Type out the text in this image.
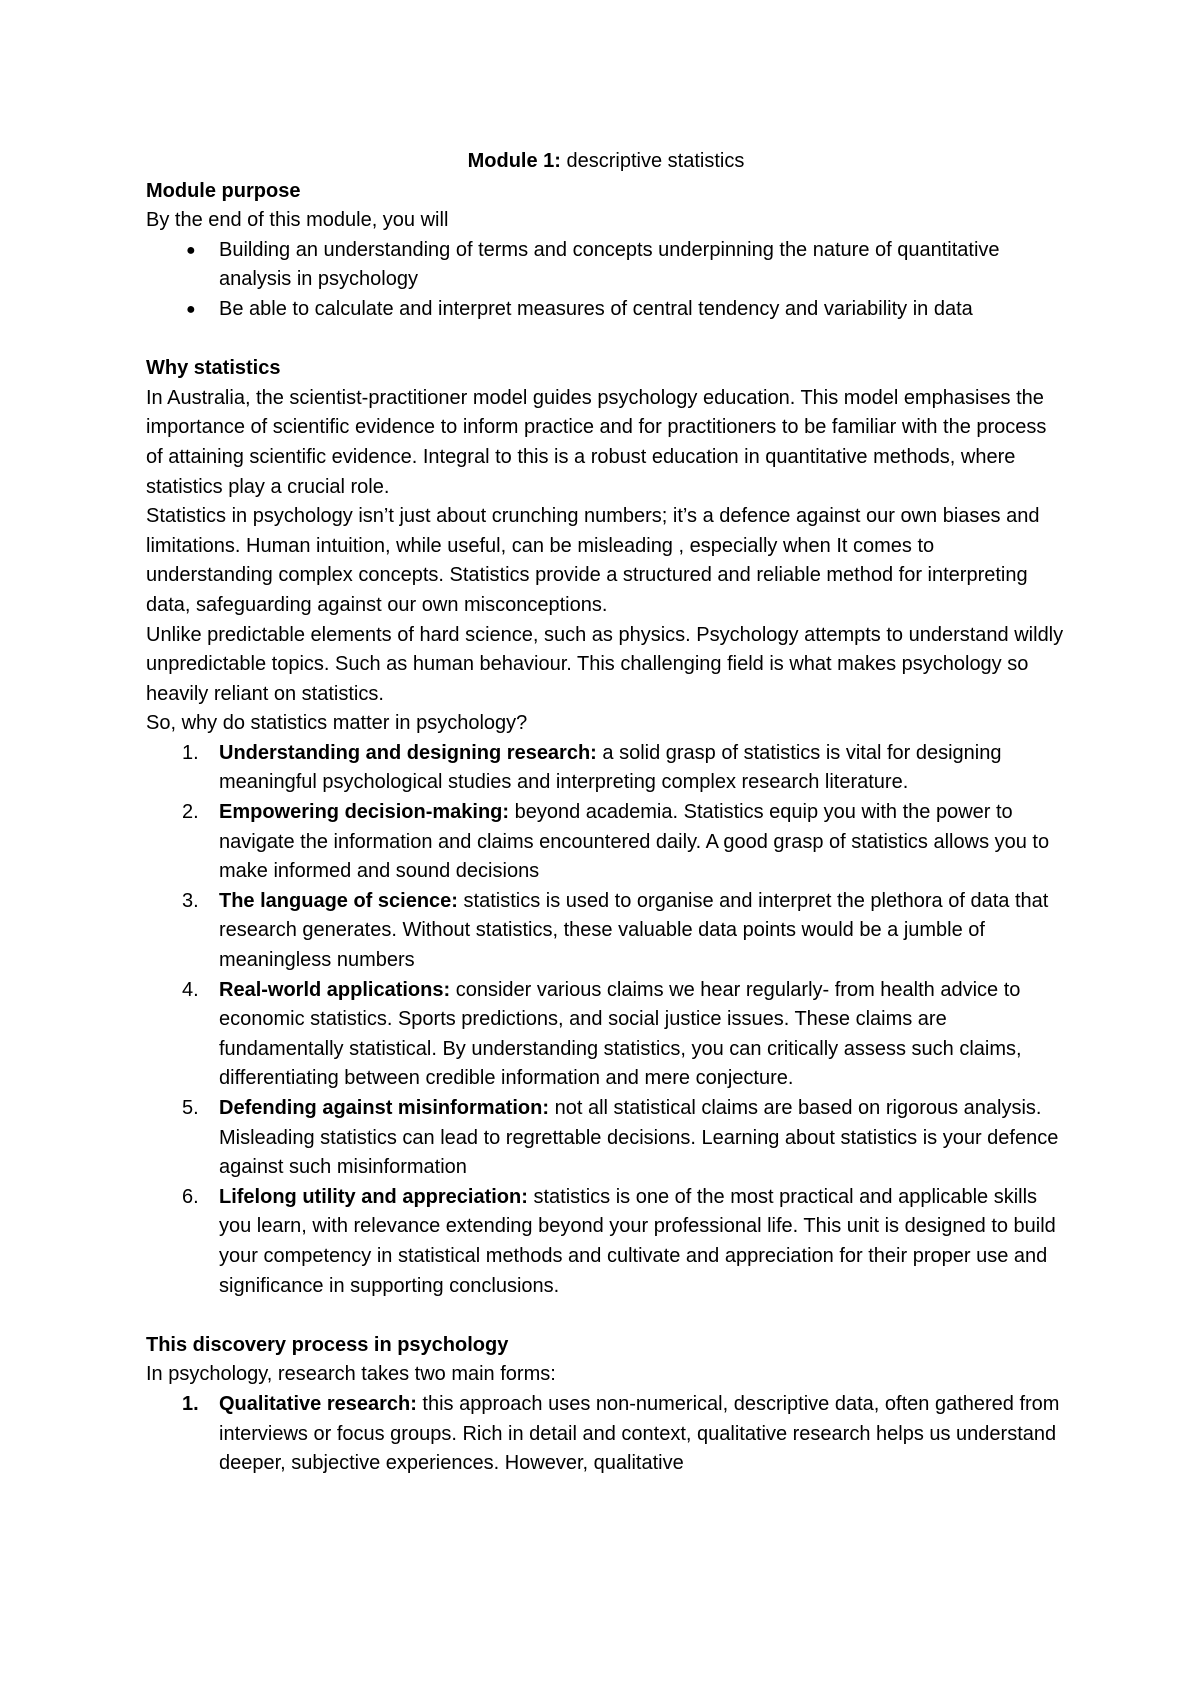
Module 1: descriptive statistics

Module purpose

By the end of this module, you will

● Building an understanding of terms and concepts underpinning the nature of quantitative analysis in psychology
● Be able to calculate and interpret measures of central tendency and variability in data

Why statistics

In Australia, the scientist-practitioner model guides psychology education. This model emphasises the importance of scientific evidence to inform practice and for practitioners to be familiar with the process of attaining scientific evidence. Integral to this is a robust education in quantitative methods, where statistics play a crucial role.

Statistics in psychology isn’t just about crunching numbers; it’s a defence against our own biases and limitations. Human intuition, while useful, can be misleading , especially when It comes to understanding complex concepts. Statistics provide a structured and reliable method for interpreting data, safeguarding against our own misconceptions.

Unlike predictable elements of hard science, such as physics. Psychology attempts to understand wildly unpredictable topics. Such as human behaviour. This challenging field is what makes psychology so heavily reliant on statistics.

So, why do statistics matter in psychology?

1. Understanding and designing research: a solid grasp of statistics is vital for designing meaningful psychological studies and interpreting complex research literature.
2. Empowering decision-making: beyond academia. Statistics equip you with the power to navigate the information and claims encountered daily. A good grasp of statistics allows you to make informed and sound decisions
3. The language of science: statistics is used to organise and interpret the plethora of data that research generates. Without statistics, these valuable data points would be a jumble of meaningless numbers
4. Real-world applications: consider various claims we hear regularly- from health advice to economic statistics. Sports predictions, and social justice issues. These claims are fundamentally statistical. By understanding statistics, you can critically assess such claims, differentiating between credible information and mere conjecture.
5. Defending against misinformation: not all statistical claims are based on rigorous analysis. Misleading statistics can lead to regrettable decisions. Learning about statistics is your defence against such misinformation
6. Lifelong utility and appreciation: statistics is one of the most practical and applicable skills you learn, with relevance extending beyond your professional life. This unit is designed to build your competency in statistical methods and cultivate and appreciation for their proper use and significance in supporting conclusions.

This discovery process in psychology

In psychology, research takes two main forms:

1. Qualitative research: this approach uses non-numerical, descriptive data, often gathered from interviews or focus groups. Rich in detail and context, qualitative research helps us understand deeper, subjective experiences. However, qualitative
